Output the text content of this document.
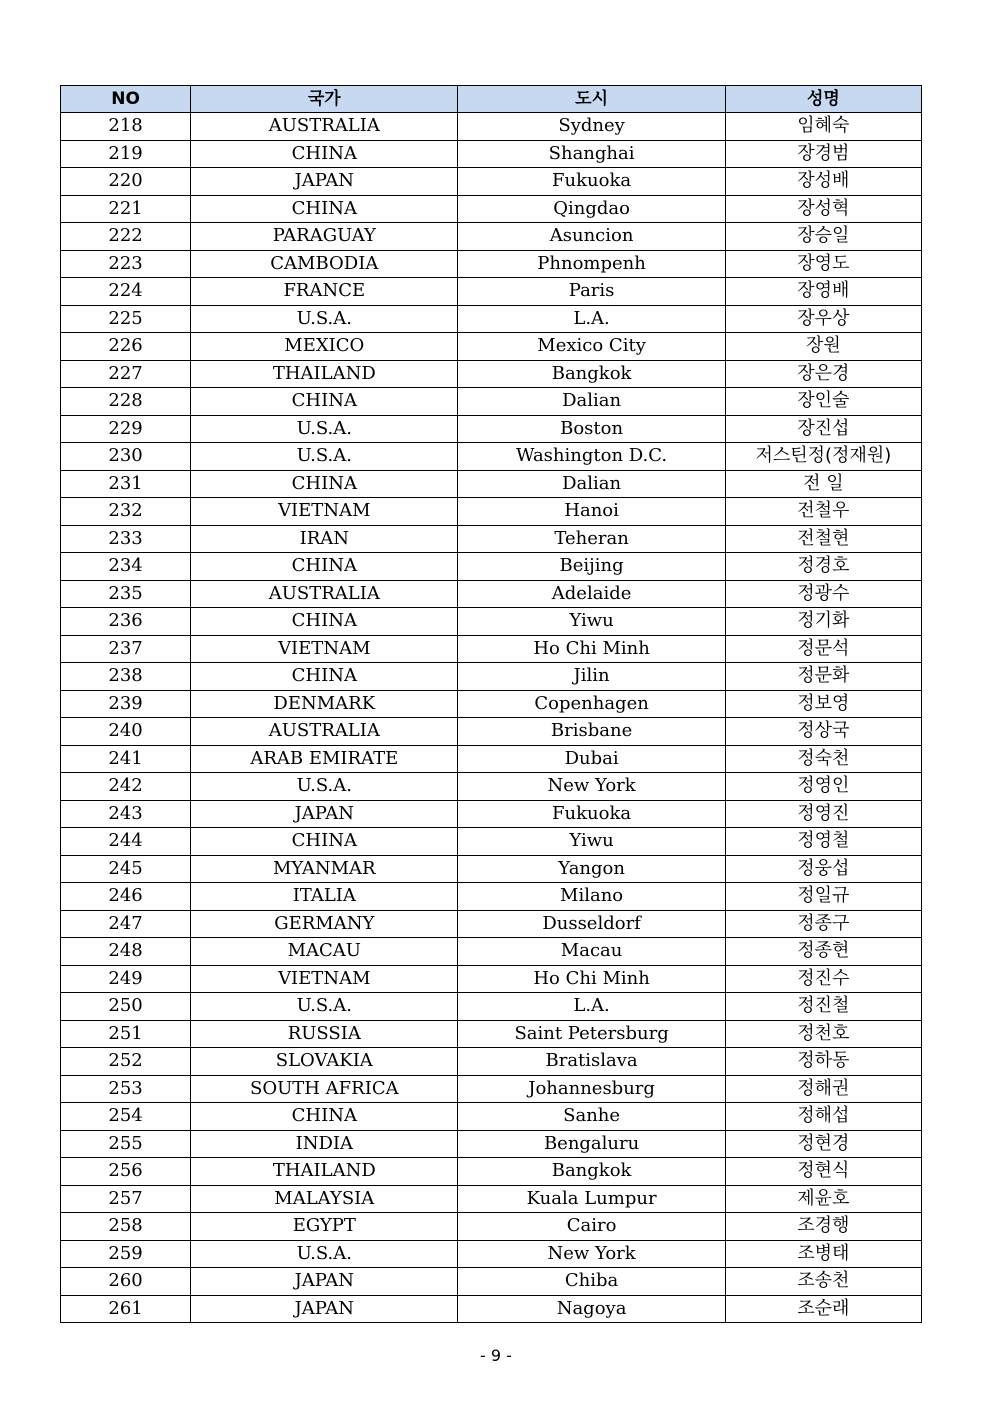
NO	국가	도시	성명
218	AUSTRALIA	Sydney	임혜숙
219	CHINA	Shanghai	장경범
220	JAPAN	Fukuoka	장성배
221	CHINA	Qingdao	장성혁
222	PARAGUAY	Asuncion	장승일
223	CAMBODIA	Phnompenh	장영도
224	FRANCE	Paris	장영배
225	U.S.A.	L.A.	장우상
226	MEXICO	Mexico City	장원
227	THAILAND	Bangkok	장은경
228	CHINA	Dalian	장인술
229	U.S.A.	Boston	장진섭
230	U.S.A.	Washington D.C.	저스틴정(정재원)
231	CHINA	Dalian	전 일
232	VIETNAM	Hanoi	전철우
233	IRAN	Teheran	전철현
234	CHINA	Beijing	정경호
235	AUSTRALIA	Adelaide	정광수
236	CHINA	Yiwu	정기화
237	VIETNAM	Ho Chi Minh	정문석
238	CHINA	Jilin	정문화
239	DENMARK	Copenhagen	정보영
240	AUSTRALIA	Brisbane	정상국
241	ARAB EMIRATE	Dubai	정숙천
242	U.S.A.	New York	정영인
243	JAPAN	Fukuoka	정영진
244	CHINA	Yiwu	정영철
245	MYANMAR	Yangon	정웅섭
246	ITALIA	Milano	정일규
247	GERMANY	Dusseldorf	정종구
248	MACAU	Macau	정종현
249	VIETNAM	Ho Chi Minh	정진수
250	U.S.A.	L.A.	정진철
251	RUSSIA	Saint Petersburg	정천호
252	SLOVAKIA	Bratislava	정하동
253	SOUTH AFRICA	Johannesburg	정해권
254	CHINA	Sanhe	정해섭
255	INDIA	Bengaluru	정현경
256	THAILAND	Bangkok	정현식
257	MALAYSIA	Kuala Lumpur	제윤호
258	EGYPT	Cairo	조경행
259	U.S.A.	New York	조병태
260	JAPAN	Chiba	조송천
261	JAPAN	Nagoya	조순래
- 9 -
